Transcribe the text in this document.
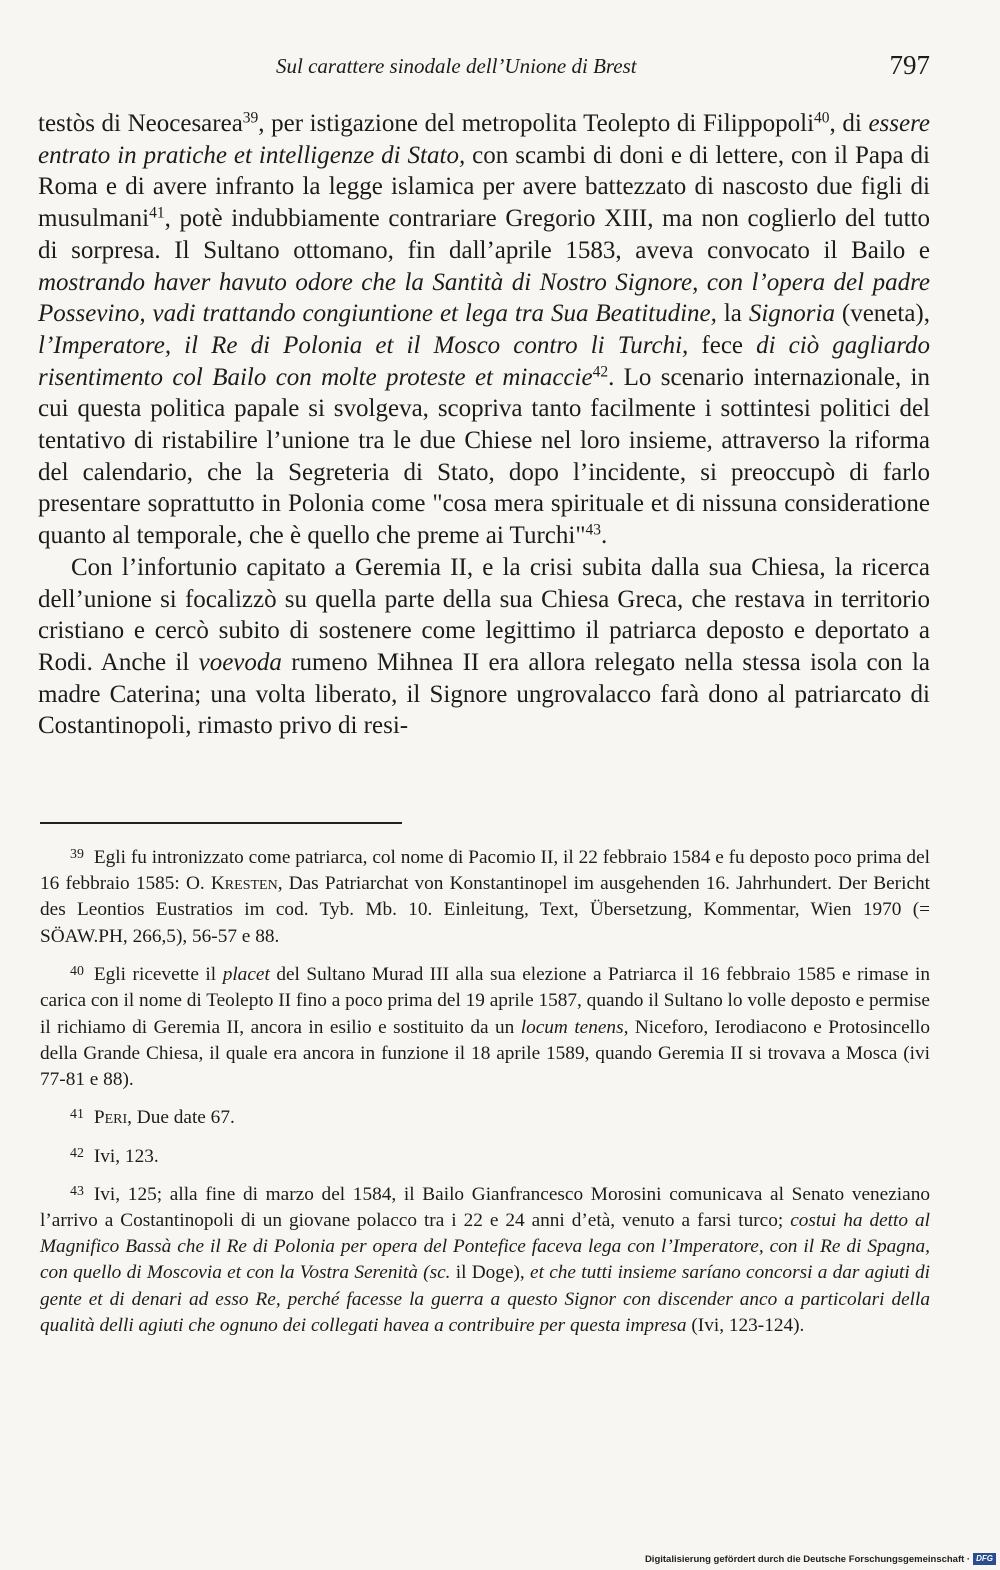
Sul carattere sinodale dell’Unione di Brest	797

testòs di Neocesarea$^{39}$, per istigazione del metropolita Teolepto di Filippopoli$^{40}$, di essere entrato in pratiche et intelligenze di Stato, con scambi di doni e di lettere, con il Papa di Roma e di avere infranto la legge islamica per avere battezzato di nascosto due figli di musulmani$^{41}$, potè indubbiamente contrariare Gregorio XIII, ma non coglierlo del tutto di sorpresa. Il Sultano ottomano, fin dall’aprile 1583, aveva convocato il Bailo e mostrando haver havuto odore che la Santità di Nostro Signore, con l’opera del padre Possevino, vadi trattando congiuntione et lega tra Sua Beatitudine, la Signoria (veneta), l’Imperatore, il Re di Polonia et il Mosco contro li Turchi, fece di ciò gagliardo risentimento col Bailo con molte proteste et minaccie$^{42}$. Lo scenario internazionale, in cui questa politica papale si svolgeva, scopriva tanto facilmente i sottintesi politici del tentativo di ristabilire l’unione tra le due Chiese nel loro insieme, attraverso la riforma del calendario, che la Segreteria di Stato, dopo l’incidente, si preoccupò di farlo presentare soprattutto in Polonia come "cosa mera spirituale et di nissuna consideratione quanto al temporale, che è quello che preme ai Turchi"$^{43}$.

Con l’infortunio capitato a Geremia II, e la crisi subita dalla sua Chiesa, la ricerca dell’unione si focalizzò su quella parte della sua Chiesa Greca, che restava in territorio cristiano e cercò subito di sostenere come legittimo il patriarca deposto e deportato a Rodi. Anche il voevoda rumeno Mihnea II era allora relegato nella stessa isola con la madre Caterina; una volta liberato, il Signore ungrovalacco farà dono al patriarcato di Costantinopoli, rimasto privo di resi-

$^{39}$ Egli fu intronizzato come patriarca, col nome di Pacomio II, il 22 febbraio 1584 e fu deposto poco prima del 16 febbraio 1585: O. Kresten, Das Patriarchat von Konstantinopel im ausgehenden 16. Jahrhundert. Der Bericht des Leontios Eustratios im cod. Tyb. Mb. 10. Einleitung, Text, Übersetzung, Kommentar, Wien 1970 (= SÖAW.PH, 266,5), 56-57 e 88.

$^{40}$ Egli ricevette il placet del Sultano Murad III alla sua elezione a Patriarca il 16 febbraio 1585 e rimase in carica con il nome di Teolepto II fino a poco prima del 19 aprile 1587, quando il Sultano lo volle deposto e permise il richiamo di Geremia II, ancora in esilio e sostituito da un locum tenens, Niceforo, Ierodiacono e Protosincello della Grande Chiesa, il quale era ancora in funzione il 18 aprile 1589, quando Geremia II si trovava a Mosca (ivi 77-81 e 88).

$^{41}$ Peri, Due date 67.

$^{42}$ Ivi, 123.

$^{43}$ Ivi, 125; alla fine di marzo del 1584, il Bailo Gianfrancesco Morosini comunicava al Senato veneziano l’arrivo a Costantinopoli di un giovane polacco tra i 22 e 24 anni d’età, venuto a farsi turco; costui ha detto al Magnifico Bassà che il Re di Polonia per opera del Pontefice faceva lega con l’Imperatore, con il Re di Spagna, con quello di Moscovia et con la Vostra Serenità (sc. il Doge), et che tutti insieme saríano concorsi a dar agiuti di gente et di denari ad esso Re, perché facesse la guerra a questo Signor con discender anco a particolari della qualità delli agiuti che ognuno dei collegati havea a contribuire per questa impresa (Ivi, 123-124).

Digitalisierung gefördert durch die Deutsche Forschungsgemeinschaft · DFG
